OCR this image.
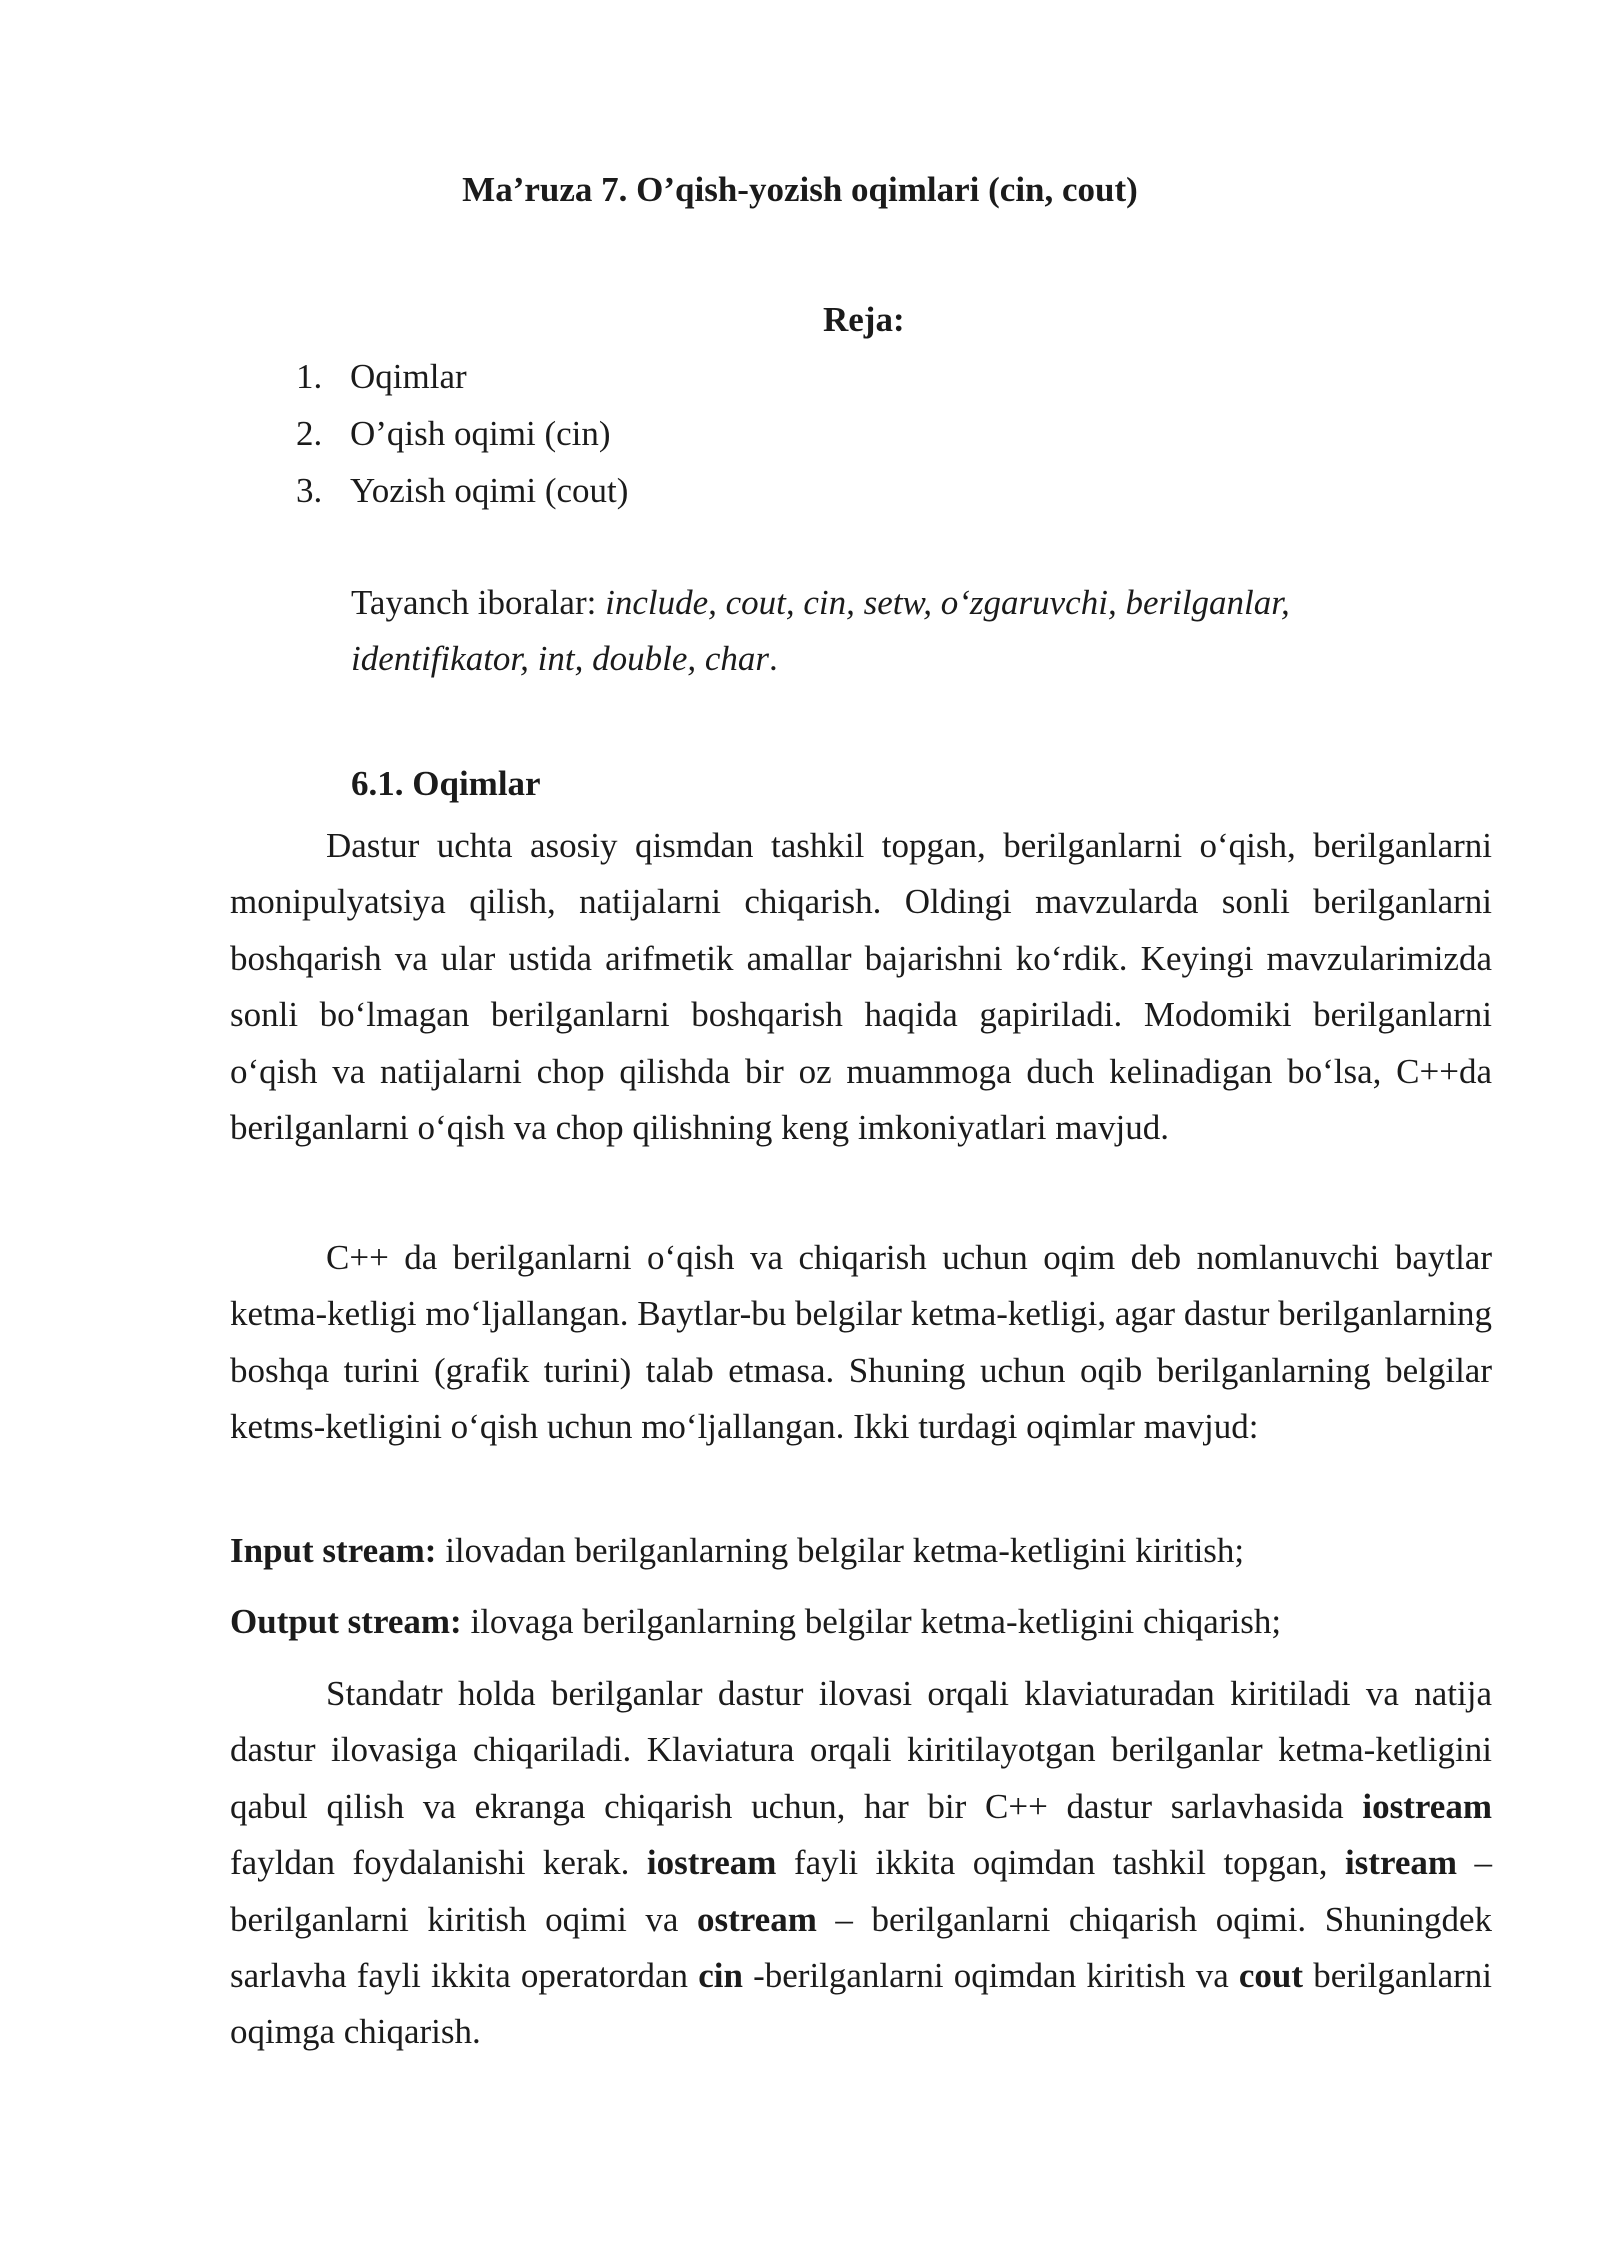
Ma’ruza 7. O’qish-yozish oqimlari (cin, cout)
Reja:
1. Oqimlar
2. O’qish oqimi (cin)
3. Yozish oqimi (cout)
Tayanch iboralar: include, cout, cin, setw, o‘zgaruvchi, berilganlar, identifikator, int, double, char.
6.1. Oqimlar

Dastur uchta asosiy qismdan tashkil topgan, berilganlarni o‘qish, berilganlarni monipulyatsiya qilish, natijalarni chiqarish. Oldingi mavzularda sonli berilganlarni boshqarish va ular ustida arifmetik amallar bajarishni ko‘rdik. Keyingi mavzularimizda sonli bo‘lmagan berilganlarni boshqarish haqida gapiriladi. Modomiki berilganlarni o‘qish va natijalarni chop qilishda bir oz muammoga duch kelinadigan bo‘lsa, C++da berilganlarni o‘qish va chop qilishning keng imkoniyatlari mavjud.

C++ da berilganlarni o‘qish va chiqarish uchun oqim deb nomlanuvchi baytlar ketma-ketligi mo‘ljallangan. Baytlar-bu belgilar ketma-ketligi, agar dastur berilganlarning boshqa turini (grafik turini) talab etmasa. Shuning uchun oqib berilganlarning belgilar ketms-ketligini o‘qish uchun mo‘ljallangan. Ikki turdagi oqimlar mavjud:

Input stream: ilovadan berilganlarning belgilar ketma-ketligini kiritish;

Output stream: ilovaga berilganlarning belgilar ketma-ketligini chiqarish;

Standatr holda berilganlar dastur ilovasi orqali klaviaturadan kiritiladi va natija dastur ilovasiga chiqariladi. Klaviatura orqali kiritilayotgan berilganlar ketma-ketligini qabul qilish va ekranga chiqarish uchun, har bir C++ dastur sarlavhasida iostream fayldan foydalanishi kerak. iostream fayli ikkita oqimdan tashkil topgan, istream – berilganlarni kiritish oqimi va ostream – berilganlarni chiqarish oqimi. Shuningdek sarlavha fayli ikkita operatordan cin -berilganlarni oqimdan kiritish va cout berilganlarni oqimga chiqarish.
